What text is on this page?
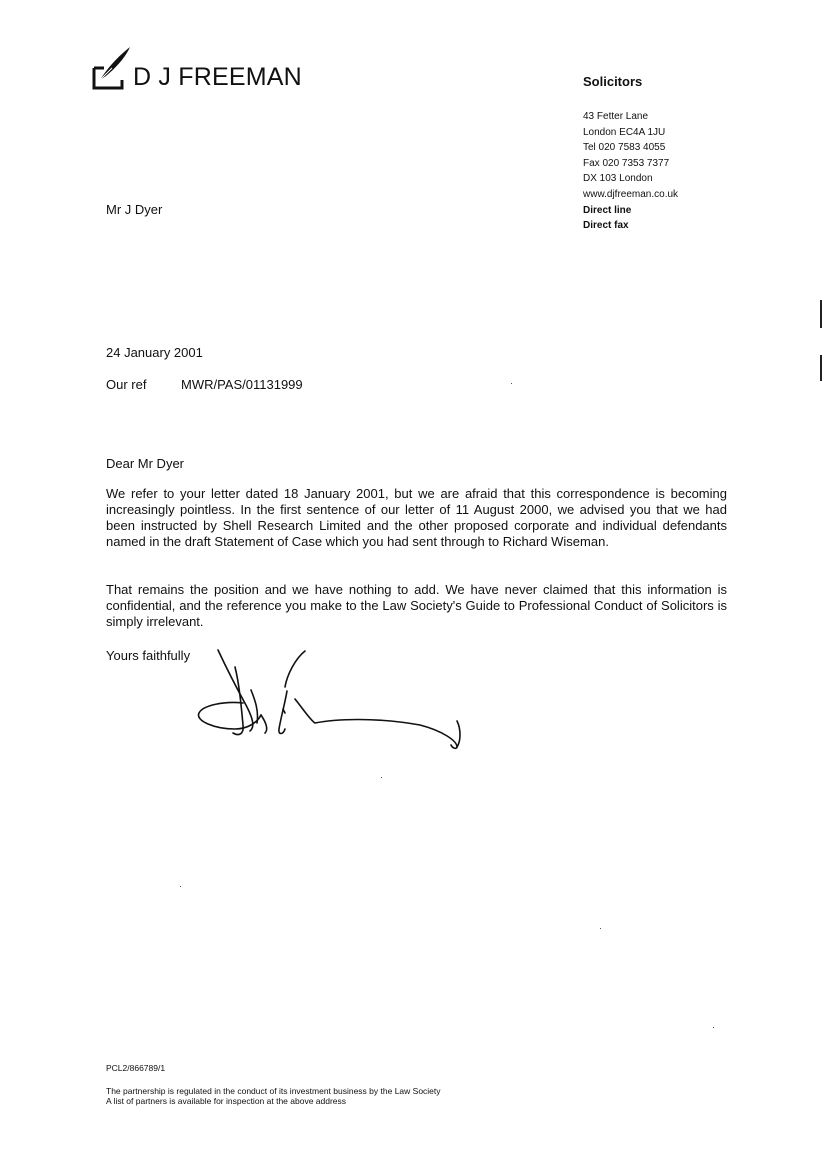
D J FREEMAN	Solicitors
43 Fetter Lane
London EC4A 1JU
Tel 020 7583 4055
Fax 020 7353 7377
DX 103 London
www.djfreeman.co.uk
Direct line
Direct fax
Mr J Dyer
24 January 2001
Our ref	MWR/PAS/01131999
Dear Mr Dyer
We refer to your letter dated 18 January 2001, but we are afraid that this correspondence is becoming increasingly pointless. In the first sentence of our letter of 11 August 2000, we advised you that we had been instructed by Shell Research Limited and the other proposed corporate and individual defendants named in the draft Statement of Case which you had sent through to Richard Wiseman.
That remains the position and we have nothing to add. We have never claimed that this information is confidential, and the reference you make to the Law Society's Guide to Professional Conduct of Solicitors is simply irrelevant.
Yours faithfully
PCL2/866789/1
The partnership is regulated in the conduct of its investment business by the Law Society
A list of partners is available for inspection at the above address
